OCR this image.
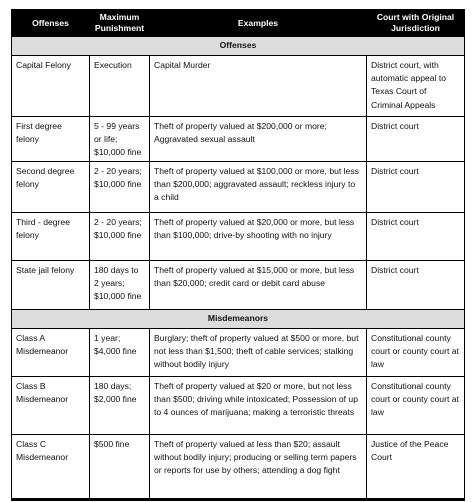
Offenses	Maximum Punishment	Examples	Court with Original Jurisdiction
Offenses			
Capital Felony	Execution	Capital Murder	District court, with automatic appeal to Texas Court of Criminal Appeals
First degree felony	5 - 99 years or life; $10,000 fine	Theft of property valued at $200,000 or more; Aggravated sexual assault	District court
Second degree felony	2 - 20 years; $10,000 fine	Theft of property valued at $100,000 or more, but less than $200,000; aggravated assault; reckless injury to a child	District court
Third - degree felony	2 - 20 years; $10,000 fine	Theft of property valued at $20,000 or more, but less than $100,000; drive-by shooting with no injury	District court
State jail felony	180 days to 2 years; $10,000 fine	Theft of property valued at $15,000 or more, but less than $20,000; credit card or debit card abuse	District court
Misdemeanors			
Class A Misdemeanor	1 year; $4,000 fine	Burglary; theft of property valued at $500 or more, but not less than $1,500; theft of cable services; stalking without bodily injury	Constitutional county court or county court at law
Class B Misdemeanor	180 days; $2,000 fine	Theft of property valued at $20 or more, but not less than $500; driving while intoxicated; Possession of up to 4 ounces of marijuana; making a terroristic threats	Constitutional county court or county court at law
Class C Misdemeanor	$500 fine	Theft of property valued at less than $20; assault without bodily injury; producing or selling term papers or reports for use by others; attending a dog fight	Justice of the Peace Court
